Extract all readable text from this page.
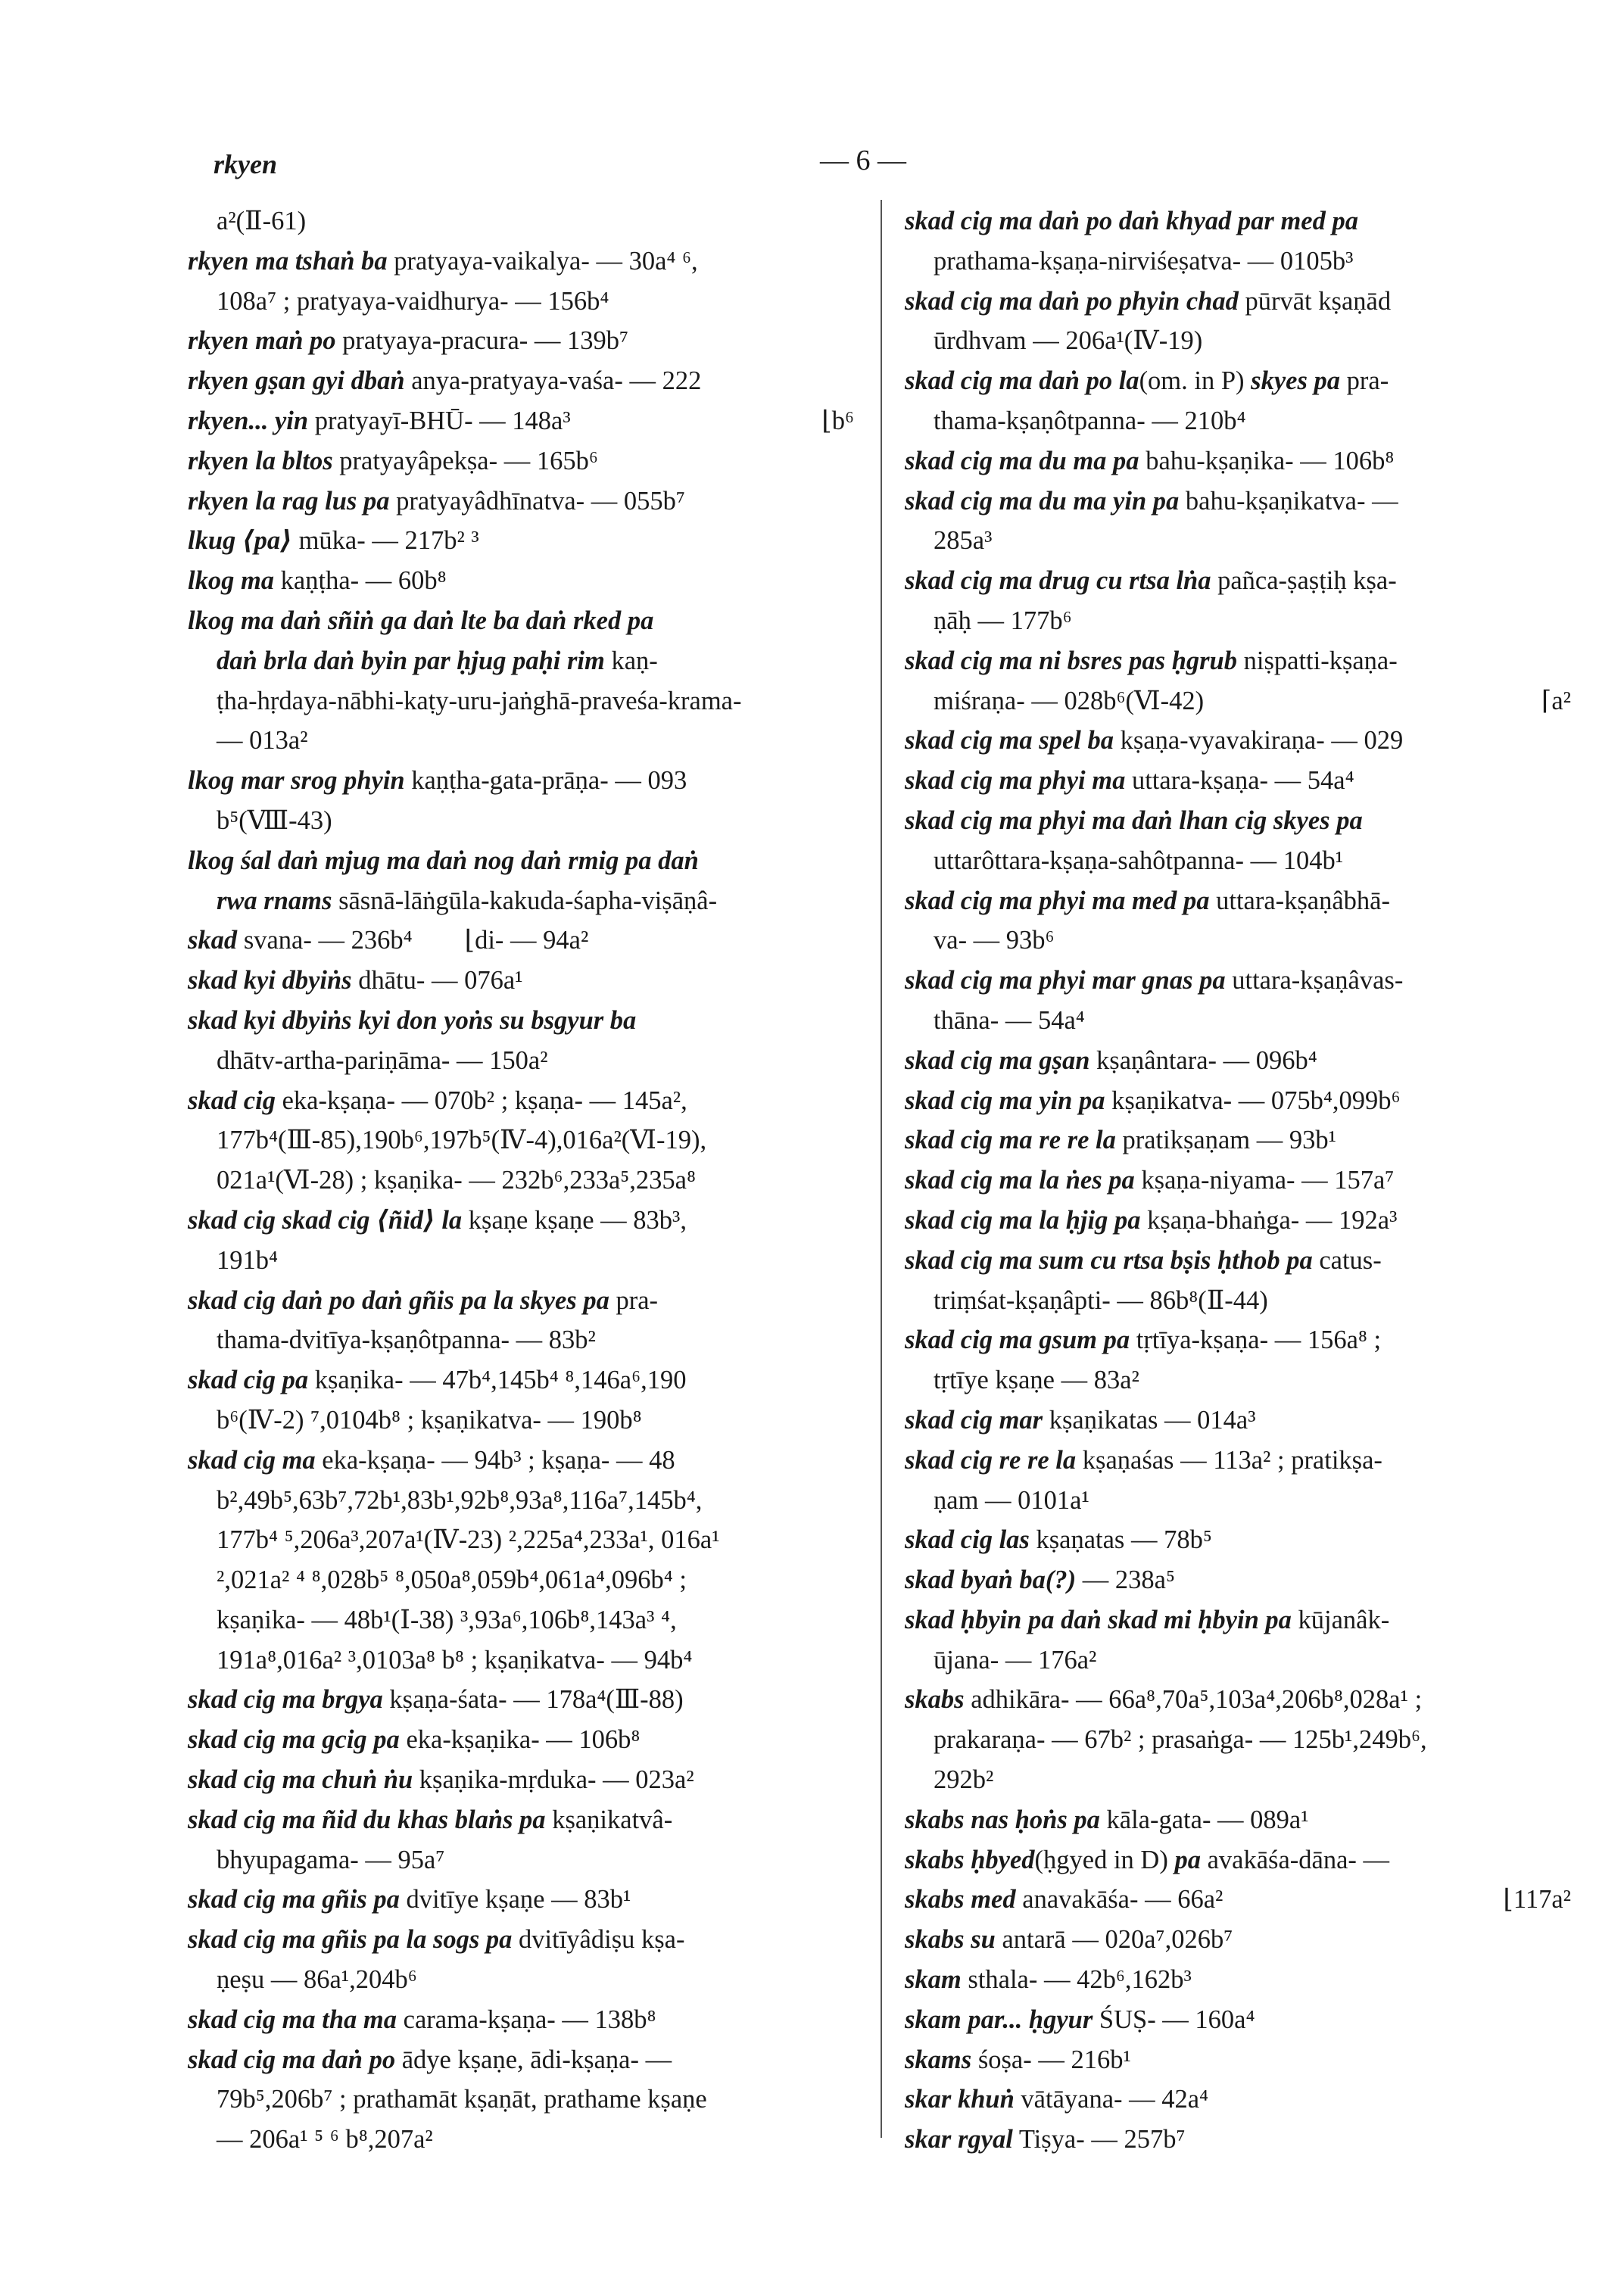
rkyen	— 6 —
a²(Ⅱ-61)
rkyen ma tshaṅ ba pratyaya-vaikalya- — 30a⁴ ⁶,
108a⁷ ; pratyaya-vaidhurya- — 156b⁴
rkyen maṅ po pratyaya-pracura- — 139b⁷
rkyen gṣan gyi dbaṅ anya-pratyaya-vaśa- — 222
rkyen... yin pratyayī-BHŪ- — 148a³	⌊b⁶
rkyen la bltos pratyayâpekṣa- — 165b⁶
rkyen la rag lus pa pratyayâdhīnatva- — 055b⁷
lkug ⟨pa⟩ mūka- — 217b² ³
lkog ma kaṇṭha- — 60b⁸
lkog ma daṅ sñiṅ ga daṅ lte ba daṅ rked pa
daṅ brla daṅ byin par ḥjug paḥi rim kaṇ-
ṭha-hṛdaya-nābhi-kaṭy-uru-jaṅghā-praveśa-krama-
— 013a²
lkog mar srog phyin kaṇṭha-gata-prāṇa- — 093
b⁵(Ⅷ-43)
lkog śal daṅ mjug ma daṅ nog daṅ rmig pa daṅ
rwa rnams sāsnā-lāṅgūla-kakuda-śapha-viṣāṇâ-
skad svana- — 236b⁴        ⌊di- — 94a²
skad kyi dbyiṅs dhātu- — 076a¹
skad kyi dbyiṅs kyi don yoṅs su bsgyur ba
dhātv-artha-pariṇāma- — 150a²
skad cig eka-kṣaṇa- — 070b² ; kṣaṇa- — 145a²,
177b⁴(Ⅲ-85),190b⁶,197b⁵(Ⅳ-4),016a²(Ⅵ-19),
021a¹(Ⅵ-28) ; kṣaṇika- — 232b⁶,233a⁵,235a⁸
skad cig skad cig ⟨ñid⟩ la kṣaṇe kṣaṇe — 83b³,
191b⁴
skad cig daṅ po daṅ gñis pa la skyes pa pra-
thama-dvitīya-kṣaṇôtpanna- — 83b²
skad cig pa kṣaṇika- — 47b⁴,145b⁴ ⁸,146a⁶,190
b⁶(Ⅳ-2) ⁷,0104b⁸ ; kṣaṇikatva- — 190b⁸
skad cig ma eka-kṣaṇa- — 94b³ ; kṣaṇa- — 48
b²,49b⁵,63b⁷,72b¹,83b¹,92b⁸,93a⁸,116a⁷,145b⁴,
177b⁴ ⁵,206a³,207a¹(Ⅳ-23) ²,225a⁴,233a¹, 016a¹
²,021a² ⁴ ⁸,028b⁵ ⁸,050a⁸,059b⁴,061a⁴,096b⁴ ;
kṣaṇika- — 48b¹(Ⅰ-38) ³,93a⁶,106b⁸,143a³ ⁴,
191a⁸,016a² ³,0103a⁸ b⁸ ; kṣaṇikatva- — 94b⁴
skad cig ma brgya kṣaṇa-śata- — 178a⁴(Ⅲ-88)
skad cig ma gcig pa eka-kṣaṇika- — 106b⁸
skad cig ma chuṅ ṅu kṣaṇika-mṛduka- — 023a²
skad cig ma ñid du khas blaṅs pa kṣaṇikatvâ-
bhyupagama- — 95a⁷
skad cig ma gñis pa dvitīye kṣaṇe — 83b¹
skad cig ma gñis pa la sogs pa dvitīyâdiṣu kṣa-
ṇeṣu — 86a¹,204b⁶
skad cig ma tha ma carama-kṣaṇa- — 138b⁸
skad cig ma daṅ po ādye kṣaṇe, ādi-kṣaṇa- —
79b⁵,206b⁷ ; prathamāt kṣaṇāt, prathame kṣaṇe
— 206a¹ ⁵ ⁶ b⁸,207a²
skad cig ma daṅ po daṅ khyad par med pa
prathama-kṣaṇa-nirviśeṣatva- — 0105b³
skad cig ma daṅ po phyin chad pūrvāt kṣaṇād
ūrdhvam — 206a¹(Ⅳ-19)
skad cig ma daṅ po la(om. in P) skyes pa pra-
thama-kṣaṇôtpanna- — 210b⁴
skad cig ma du ma pa bahu-kṣaṇika- — 106b⁸
skad cig ma du ma yin pa bahu-kṣaṇikatva- —
285a³
skad cig ma drug cu rtsa lṅa pañca-ṣaṣṭiḥ kṣa-
ṇāḥ — 177b⁶
skad cig ma ni bsres pas ḥgrub niṣpatti-kṣaṇa-
miśraṇa- — 028b⁶(Ⅵ-42)	⌈a²
skad cig ma spel ba kṣaṇa-vyavakiraṇa- — 029
skad cig ma phyi ma uttara-kṣaṇa- — 54a⁴
skad cig ma phyi ma daṅ lhan cig skyes pa
uttarôttara-kṣaṇa-sahôtpanna- — 104b¹
skad cig ma phyi ma med pa uttara-kṣaṇâbhā-
va- — 93b⁶
skad cig ma phyi mar gnas pa uttara-kṣaṇâvas-
thāna- — 54a⁴
skad cig ma gṣan kṣaṇântara- — 096b⁴
skad cig ma yin pa kṣaṇikatva- — 075b⁴,099b⁶
skad cig ma re re la pratikṣaṇam — 93b¹
skad cig ma la ṅes pa kṣaṇa-niyama- — 157a⁷
skad cig ma la ḥjig pa kṣaṇa-bhaṅga- — 192a³
skad cig ma sum cu rtsa bṣis ḥthob pa catus-
triṃśat-kṣaṇâpti- — 86b⁸(Ⅱ-44)
skad cig ma gsum pa tṛtīya-kṣaṇa- — 156a⁸ ;
tṛtīye kṣaṇe — 83a²
skad cig mar kṣaṇikatas — 014a³
skad cig re re la kṣaṇaśas — 113a² ; pratikṣa-
ṇam — 0101a¹
skad cig las kṣaṇatas — 78b⁵
skad byaṅ ba(?) — 238a⁵
skad ḥbyin pa daṅ skad mi ḥbyin pa kūjanâk-
ūjana- — 176a²
skabs adhikāra- — 66a⁸,70a⁵,103a⁴,206b⁸,028a¹ ;
prakaraṇa- — 67b² ; prasaṅga- — 125b¹,249b⁶,
292b²
skabs nas ḥoṅs pa kāla-gata- — 089a¹
skabs ḥbyed(ḥgyed in D) pa avakāśa-dāna- —
skabs med anavakāśa- — 66a²	⌊117a²
skabs su antarā — 020a⁷,026b⁷
skam sthala- — 42b⁶,162b³
skam par... ḥgyur ŚUṢ- — 160a⁴
skams śoṣa- — 216b¹
skar khuṅ vātāyana- — 42a⁴
skar rgyal Tiṣya- — 257b⁷
